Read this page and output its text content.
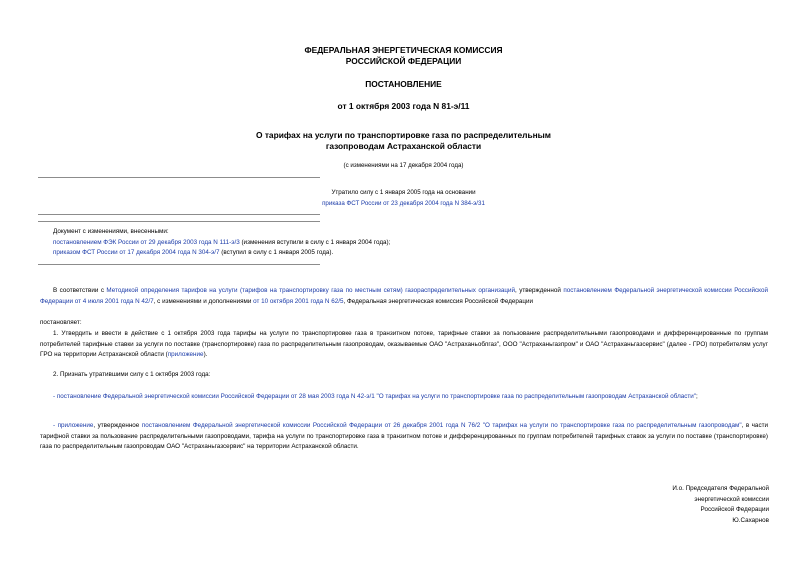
ФЕДЕРАЛЬНАЯ ЭНЕРГЕТИЧЕСКАЯ КОМИССИЯ
РОССИЙСКОЙ ФЕДЕРАЦИИ
ПОСТАНОВЛЕНИЕ
от 1 октября 2003 года N 81-э/11
О тарифах на услуги по транспортировке газа по распределительным
газопроводам Астраханской области
(с изменениями на 17 декабря 2004 года)
Утратило силу с 1 января 2005 года на основании
приказа ФСТ России от 23 декабря 2004 года N 384-э/31
Документ с изменениями, внесенными:
постановлением ФЭК России от 29 декабря 2003 года N 111-э/3 (изменения вступили в силу с 1 января 2004 года);
приказом ФСТ России от 17 декабря 2004 года N 304-э/7 (вступил в силу с 1 января 2005 года).
В соответствии с Методикой определения тарифов на услуги (тарифов на транспортировку газа по местным сетям) газораспределительных организаций, утвержденной постановлением Федеральной энергетической комиссии Российской Федерации от 4 июля 2001 года N 42/7, с изменениями и дополнениями от 10 октября 2001 года N 62/5, Федеральная энергетическая комиссия Российской Федерации
постановляет:
1. Утвердить и ввести в действие с 1 октября 2003 года тарифы на услуги по транспортировке газа в транзитном потоке, тарифные ставки за пользование распределительными газопроводами и дифференцированные по группам потребителей тарифные ставки за услуги по поставке (транспортировке) газа по распределительным газопроводам, оказываемые ОАО "Астраханьоблгаз", ООО "Астраханьгазпром" и ОАО "Астраханьгазсервис" (далее - ГРО) потребителям услуг ГРО на территории Астраханской области (приложение).
2. Признать утратившими силу с 1 октября 2003 года:
- постановление Федеральной энергетической комиссии Российской Федерации от 28 мая 2003 года N 42-э/1 "О тарифах на услуги по транспортировке газа по распределительным газопроводам Астраханской области";
- приложение, утвержденное постановлением Федеральной энергетической комиссии Российской Федерации от 26 декабря 2001 года N 76/2 "О тарифах на услуги по транспортировке газа по распределительным газопроводам", в части тарифной ставки за пользование распределительными газопроводами, тарифа на услуги по транспортировке газа в транзитном потоке и дифференцированных по группам потребителей тарифных ставок за услуги по поставке (транспортировке) газа по распределительным газопроводам ОАО "Астраханьгазсервис" на территории Астраханской области.
И.о. Председателя Федеральной
энергетической комиссии
Российской Федерации
Ю.Сахарнов
